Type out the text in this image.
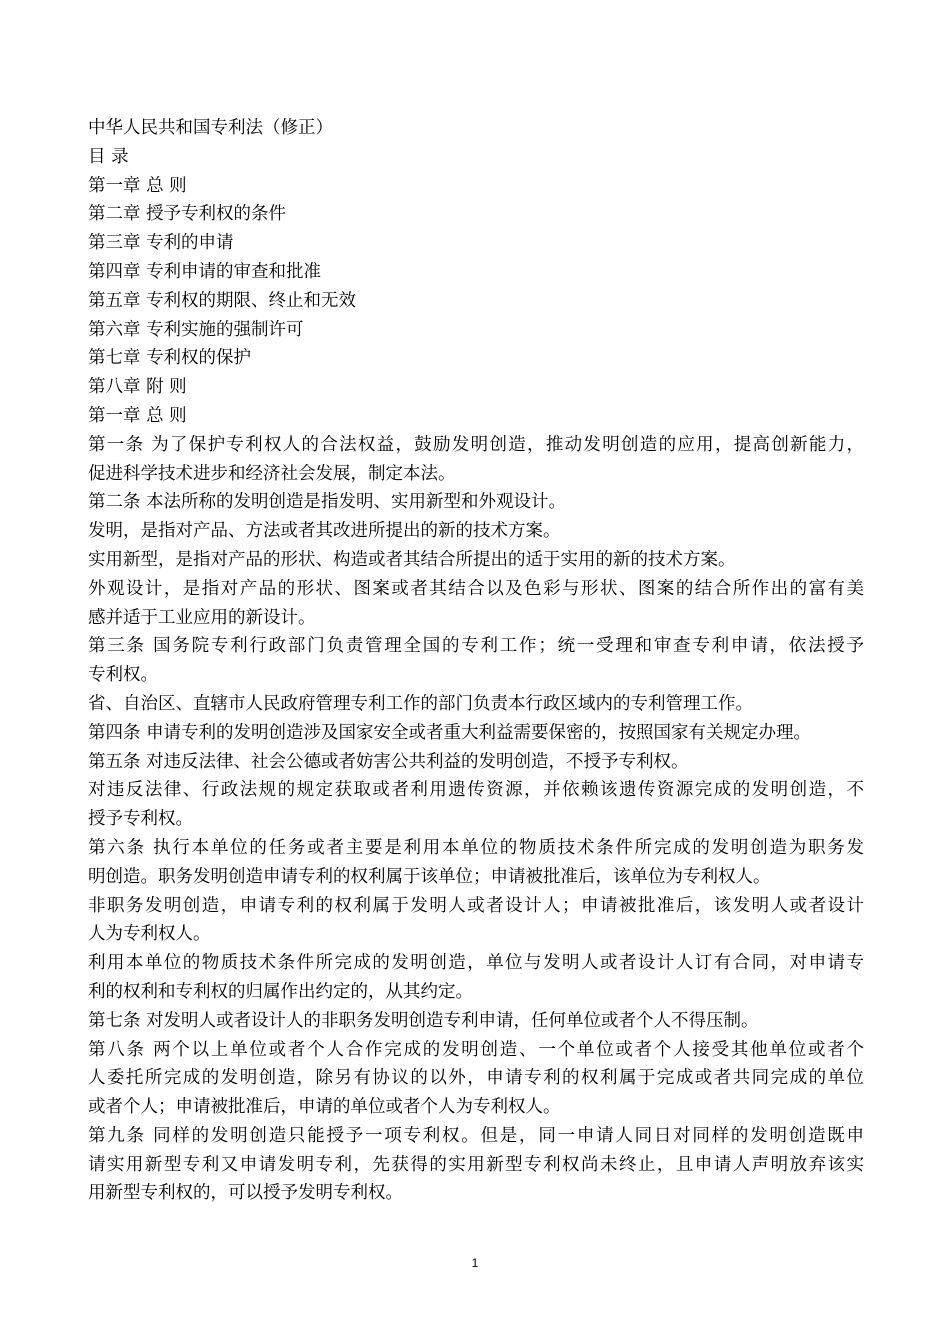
中华人民共和国专利法（修正）
目 录
第一章 总 则
第二章 授予专利权的条件
第三章 专利的申请
第四章 专利申请的审查和批准
第五章 专利权的期限、终止和无效
第六章 专利实施的强制许可
第七章 专利权的保护
第八章 附 则
第一章 总 则
第一条 为了保护专利权人的合法权益，鼓励发明创造，推动发明创造的应用，提高创新能力，
促进科学技术进步和经济社会发展，制定本法。
第二条 本法所称的发明创造是指发明、实用新型和外观设计。
发明，是指对产品、方法或者其改进所提出的新的技术方案。
实用新型，是指对产品的形状、构造或者其结合所提出的适于实用的新的技术方案。
外观设计，是指对产品的形状、图案或者其结合以及色彩与形状、图案的结合所作出的富有美
感并适于工业应用的新设计。
第三条 国务院专利行政部门负责管理全国的专利工作；统一受理和审查专利申请，依法授予
专利权。
省、自治区、直辖市人民政府管理专利工作的部门负责本行政区域内的专利管理工作。
第四条 申请专利的发明创造涉及国家安全或者重大利益需要保密的，按照国家有关规定办理。
第五条 对违反法律、社会公德或者妨害公共利益的发明创造，不授予专利权。
对违反法律、行政法规的规定获取或者利用遗传资源，并依赖该遗传资源完成的发明创造，不
授予专利权。
第六条 执行本单位的任务或者主要是利用本单位的物质技术条件所完成的发明创造为职务发
明创造。职务发明创造申请专利的权利属于该单位；申请被批准后，该单位为专利权人。
非职务发明创造，申请专利的权利属于发明人或者设计人；申请被批准后，该发明人或者设计
人为专利权人。
利用本单位的物质技术条件所完成的发明创造，单位与发明人或者设计人订有合同，对申请专
利的权利和专利权的归属作出约定的，从其约定。
第七条 对发明人或者设计人的非职务发明创造专利申请，任何单位或者个人不得压制。
第八条 两个以上单位或者个人合作完成的发明创造、一个单位或者个人接受其他单位或者个
人委托所完成的发明创造，除另有协议的以外，申请专利的权利属于完成或者共同完成的单位
或者个人；申请被批准后，申请的单位或者个人为专利权人。
第九条 同样的发明创造只能授予一项专利权。但是，同一申请人同日对同样的发明创造既申
请实用新型专利又申请发明专利，先获得的实用新型专利权尚未终止，且申请人声明放弃该实
用新型专利权的，可以授予发明专利权。
1
